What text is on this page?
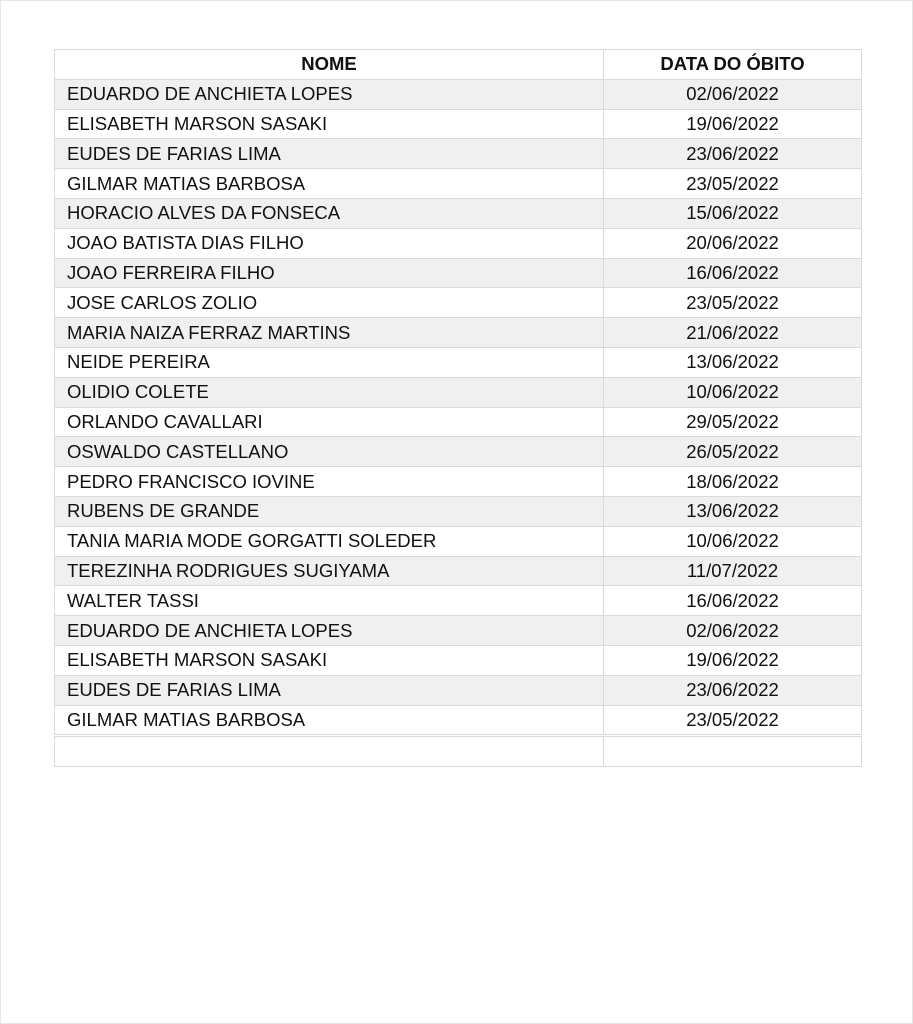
NOME	DATA DO ÓBITO
EDUARDO DE ANCHIETA LOPES	02/06/2022
ELISABETH MARSON SASAKI	19/06/2022
EUDES DE FARIAS LIMA	23/06/2022
GILMAR MATIAS BARBOSA	23/05/2022
HORACIO ALVES DA FONSECA	15/06/2022
JOAO BATISTA DIAS FILHO	20/06/2022
JOAO FERREIRA FILHO	16/06/2022
JOSE CARLOS ZOLIO	23/05/2022
MARIA NAIZA FERRAZ MARTINS	21/06/2022
NEIDE PEREIRA	13/06/2022
OLIDIO COLETE	10/06/2022
ORLANDO CAVALLARI	29/05/2022
OSWALDO CASTELLANO	26/05/2022
PEDRO FRANCISCO IOVINE	18/06/2022
RUBENS DE GRANDE	13/06/2022
TANIA MARIA MODE GORGATTI SOLEDER	10/06/2022
TEREZINHA RODRIGUES SUGIYAMA	11/07/2022
WALTER TASSI	16/06/2022
EDUARDO DE ANCHIETA LOPES	02/06/2022
ELISABETH MARSON SASAKI	19/06/2022
EUDES DE FARIAS LIMA	23/06/2022
GILMAR MATIAS BARBOSA	23/05/2022
